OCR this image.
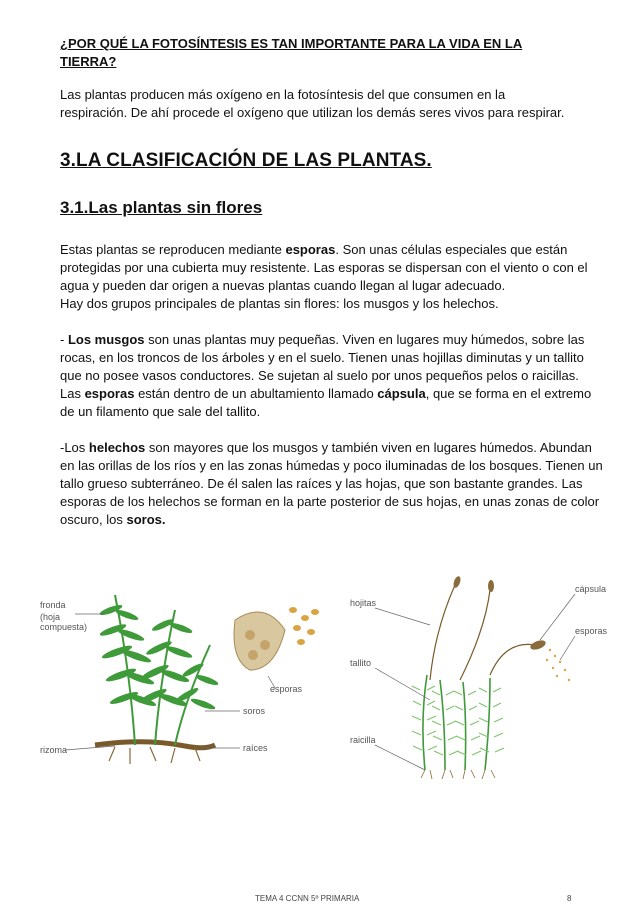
¿POR QUÉ LA FOTOSÍNTESIS ES TAN IMPORTANTE PARA LA VIDA EN LA TIERRA?
Las plantas producen más oxígeno en la fotosíntesis del que consumen en la respiración. De ahí procede el oxígeno que utilizan los demás seres vivos para respirar.
3.LA CLASIFICACIÓN DE LAS PLANTAS.
3.1.Las plantas sin flores

Estas plantas se reproducen mediante esporas. Son unas células especiales que están protegidas por una cubierta muy resistente. Las esporas se dispersan con el viento o con el agua y pueden dar origen a nuevas plantas cuando llegan al lugar adecuado.
Hay dos grupos principales de plantas sin flores: los musgos y los helechos.

- Los musgos son unas plantas muy pequeñas. Viven en lugares muy húmedos, sobre las rocas, en los troncos de los árboles y en el suelo. Tienen unas hojillas diminutas y un tallito que no posee vasos conductores. Se sujetan al suelo por unos pequeños pelos o raicillas.
Las esporas están dentro de un abultamiento llamado cápsula, que se forma en el extremo de un filamento que sale del tallito.

-Los helechos son mayores que los musgos y también viven en lugares húmedos. Abundan en las orillas de los ríos y en las zonas húmedas y poco iluminadas de los bosques. Tienen un tallo grueso subterráneo. De él salen las raíces y las hojas, que son bastante grandes. Las esporas de los helechos se forman en la parte posterior de sus hojas, en unas zonas de color oscuro, los soros.

fronda
(hoja
compuesta)
esporas
soros
rizoma	raíces
hojitas
cápsula
esporas
tallito
raicilla
TEMA 4 CCNN 5º PRIMARIA	8
